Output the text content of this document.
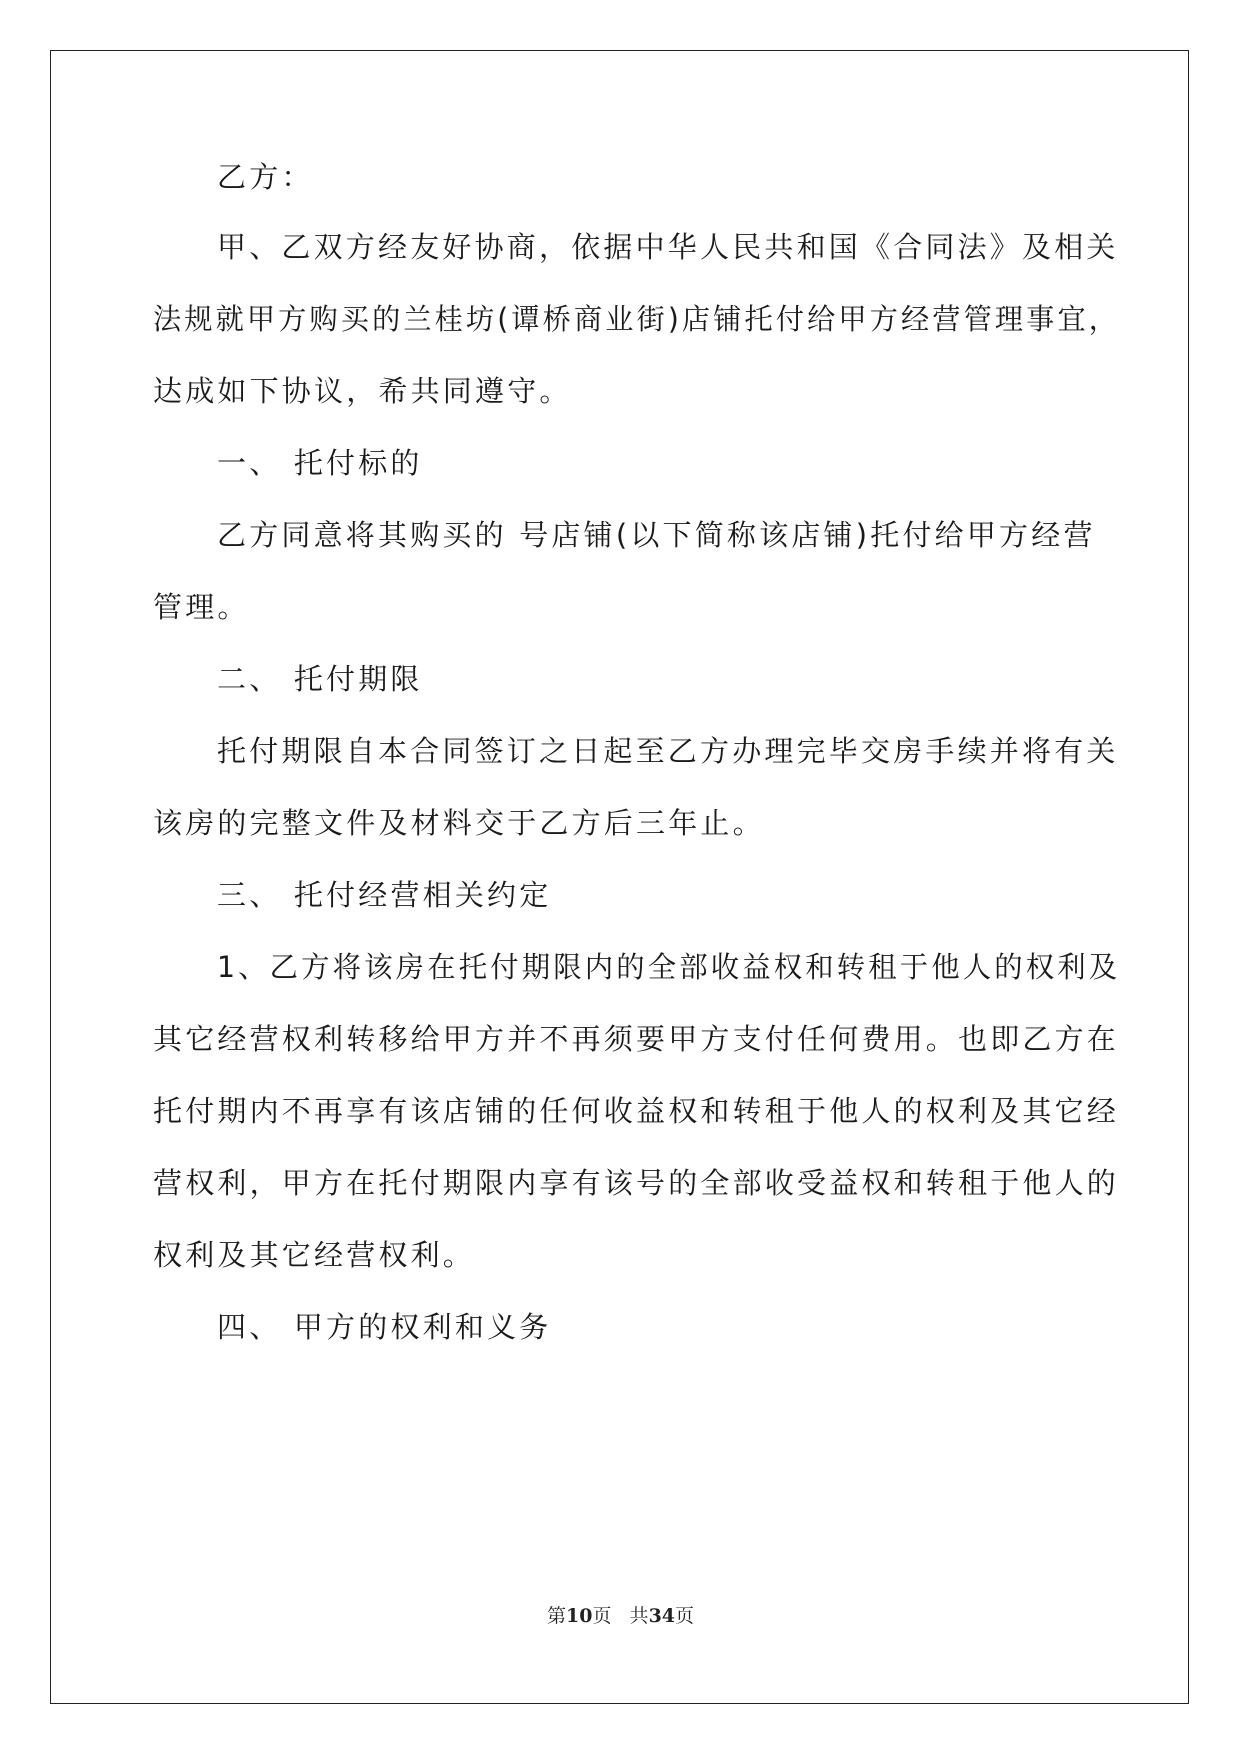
乙方：
甲、乙双方经友好协商，依据中华人民共和国《合同法》及相关
法规就甲方购买的兰桂坊(谭桥商业街)店铺托付给甲方经营管理事宜，
达成如下协议，希共同遵守。
一、 托付标的
乙方同意将其购买的 号店铺(以下简称该店铺)托付给甲方经营
管理。
二、 托付期限
托付期限自本合同签订之日起至乙方办理完毕交房手续并将有关
该房的完整文件及材料交于乙方后三年止。
三、 托付经营相关约定
1、乙方将该房在托付期限内的全部收益权和转租于他人的权利及
其它经营权利转移给甲方并不再须要甲方支付任何费用。也即乙方在
托付期内不再享有该店铺的任何收益权和转租于他人的权利及其它经
营权利，甲方在托付期限内享有该号的全部收受益权和转租于他人的
权利及其它经营权利。
四、 甲方的权利和义务
第10页   共34页
